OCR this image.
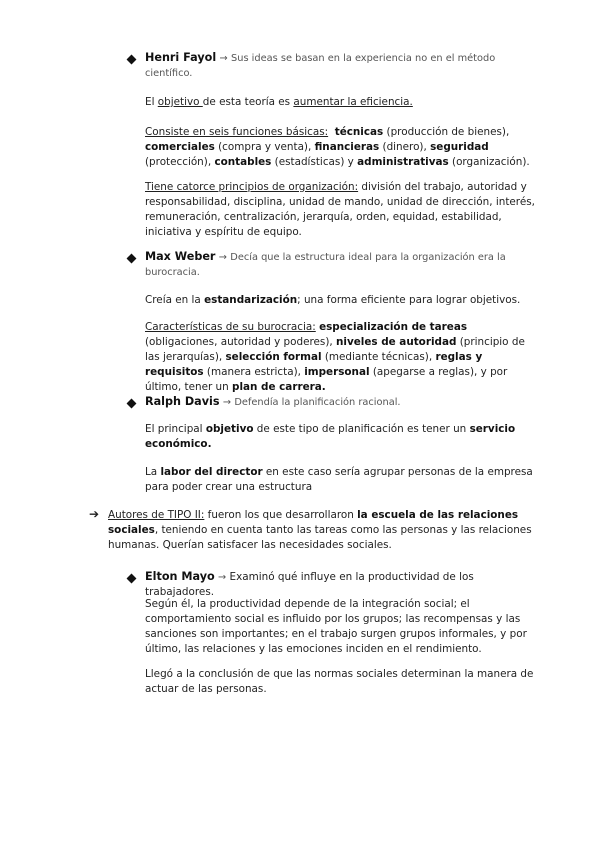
Henri Fayol → Sus ideas se basan en la experiencia no en el método científico.

El objetivo de esta teoría es aumentar la eficiencia.

Consiste en seis funciones básicas: técnicas (producción de bienes), comerciales (compra y venta), financieras (dinero), seguridad (protección), contables (estadísticas) y administrativas (organización).

Tiene catorce principios de organización: división del trabajo, autoridad y responsabilidad, disciplina, unidad de mando, unidad de dirección, interés, remuneración, centralización, jerarquía, orden, equidad, estabilidad, iniciativa y espíritu de equipo.

Max Weber → Decía que la estructura ideal para la organización era la burocracia.

Creía en la estandarización; una forma eficiente para lograr objetivos.

Características de su burocracia: especialización de tareas (obligaciones, autoridad y poderes), niveles de autoridad (principio de las jerarquías), selección formal (mediante técnicas), reglas y requisitos (manera estricta), impersonal (apegarse a reglas), y por último, tener un plan de carrera.

Ralph Davis → Defendía la planificación racional.

El principal objetivo de este tipo de planificación es tener un servicio económico.

La labor del director en este caso sería agrupar personas de la empresa para poder crear una estructura

➔ Autores de TIPO II: fueron los que desarrollaron la escuela de las relaciones sociales, teniendo en cuenta tanto las tareas como las personas y las relaciones humanas. Querían satisfacer las necesidades sociales.

Elton Mayo → Examinó qué influye en la productividad de los trabajadores.

Según él, la productividad depende de la integración social; el comportamiento social es influido por los grupos; las recompensas y las sanciones son importantes; en el trabajo surgen grupos informales, y por último, las relaciones y las emociones inciden en el rendimiento.

Llegó a la conclusión de que las normas sociales determinan la manera de actuar de las personas.
